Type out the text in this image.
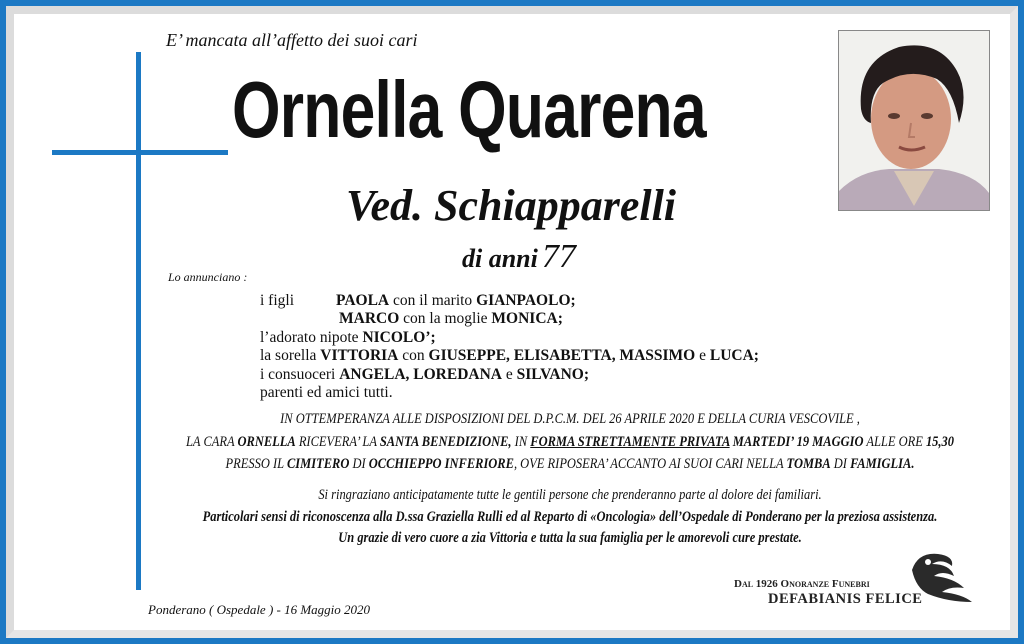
E’ mancata all’affetto dei suoi cari
Ornella Quarena
Ved. Schiapparelli
di anni 77
Lo annunciano :
i figli	PAOLA con il marito GIANPAOLO;
MARCO con la moglie MONICA;
l’adorato nipote NICOLO’;
la sorella VITTORIA con GIUSEPPE, ELISABETTA, MASSIMO e LUCA;
i consuoceri ANGELA, LOREDANA e SILVANO;
parenti ed amici tutti.
IN OTTEMPERANZA ALLE DISPOSIZIONI DEL D.P.C.M. DEL 26 APRILE 2020 E DELLA CURIA VESCOVILE ,
LA CARA ORNELLA RICEVERA’ LA SANTA BENEDIZIONE, IN FORMA STRETTAMENTE PRIVATA MARTEDI’ 19 MAGGIO ALLE ORE 15,30
PRESSO IL CIMITERO DI OCCHIEPPO INFERIORE, OVE RIPOSERA’ ACCANTO AI SUOI CARI NELLA TOMBA DI FAMIGLIA.
Si ringraziano anticipatamente tutte le gentili persone che prenderanno parte al dolore dei familiari.
Particolari sensi di riconoscenza alla D.ssa Graziella Rulli ed al Reparto di «Oncologia» dell’Ospedale di Ponderano per la preziosa assistenza.
Un grazie di vero cuore a zia Vittoria e tutta la sua famiglia per le amorevoli cure prestate.
Ponderano ( Ospedale ) - 16 Maggio 2020
Dal 1926 Onoranze Funebri
DEFABIANIS FELICE
